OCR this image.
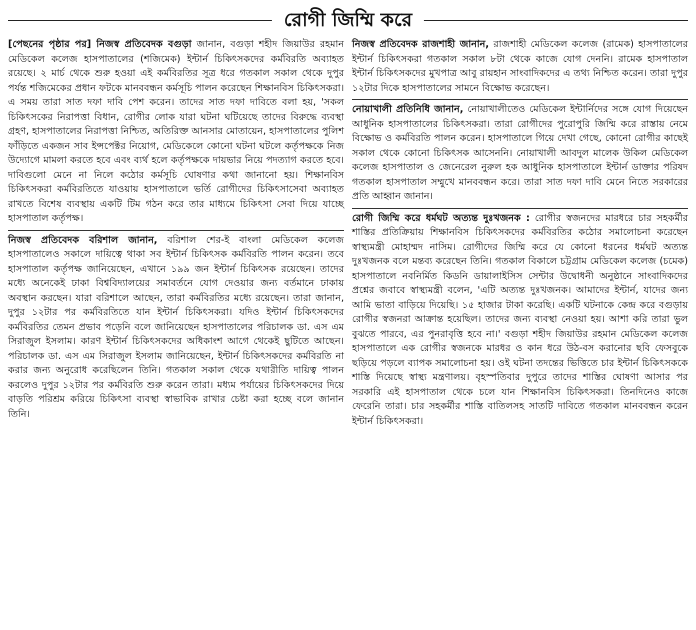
রোগী জিম্মি করে

[পেছনের পৃষ্ঠার পর] নিজস্ব প্রতিবেদক বগুড়া জানান, বগুড়া শহীদ জিয়াউর রহমান মেডিকেল কলেজ হাসপাতালের (শজিমেক) ইন্টার্ন চিকিৎসকদের কর্মবিরতি অব্যাহত রয়েছে। ২ মার্চ থেকে শুরু হওয়া এই কর্মবিরতির সূত্র ধরে গতকাল সকাল থেকে দুপুর পর্যন্ত শজিমেকের প্রধান ফটকে মানববন্ধন কর্মসূচি পালন করেছেন শিক্ষানবিস চিকিৎসকরা। এ সময় তারা সাত দফা দাবি পেশ করেন। তাদের সাত দফা দাবিতে বলা হয়, 'সকল চিকিৎসকের নিরাপত্তা বিধান, রোগীর লোক যারা ঘটনা ঘটিয়েছে তাদের বিরুদ্ধে ব্যবস্থা গ্রহণ, হাসপাতালের নিরাপত্তা নিশ্চিত, অতিরিক্ত আনসার মোতায়েন, হাসপাতালের পুলিশ ফাঁড়িতে একজন সাব ইন্সপেক্টর নিয়োগ, মেডিকেলে কোনো ঘটনা ঘটলে কর্তৃপক্ষকে নিজ উদ্যোগে মামলা করতে হবে এবং ব্যর্থ হলে কর্তৃপক্ষকে দায়ভার নিয়ে পদত্যাগ করতে হবে। দাবিগুলো মেনে না নিলে কঠোর কর্মসূচি ঘোষণার কথা জানানো হয়। শিক্ষানবিস চিকিৎসকরা কর্মবিরতিতে যাওয়ায় হাসপাতালে ভর্তি রোগীদের চিকিৎসাসেবা অব্যাহত রাখতে বিশেষ ব্যবস্থায় একটি টিম গঠন করে তার মাধ্যমে চিকিৎসা সেবা দিয়ে যাচ্ছে হাসপাতাল কর্তৃপক্ষ।

নিজস্ব প্রতিবেদক বরিশাল জানান, বরিশাল শের-ই বাংলা মেডিকেল কলেজ হাসপাতালেও সকালে দায়িত্বে থাকা সব ইন্টার্ন চিকিৎসক কর্মবিরতি পালন করেন। তবে হাসপাতাল কর্তৃপক্ষ জানিয়েছেন, এখানে ১৯৯ জন ইন্টার্ন চিকিৎসক রয়েছেন। তাদের মধ্যে অনেকেই ঢাকা বিশ্ববিদ্যালয়ের সমাবর্তনে যোগ দেওয়ার জন্য বর্তমানে ঢাকায় অবস্থান করছেন। যারা বরিশালে আছেন, তারা কর্মবিরতির মধ্যে রয়েছেন। তারা জানান, দুপুর ১২টার পর কর্মবিরতিতে যান ইন্টার্ন চিকিৎসকরা। যদিও ইন্টার্ন চিকিৎসকদের কর্মবিরতির তেমন প্রভাব পড়েনি বলে জানিয়েছেন হাসপাতালের পরিচালক ডা. এস এম সিরাজুল ইসলাম। কারণ ইন্টার্ন চিকিৎসকদের অধিকাংশ আগে থেকেই ছুটিতে আছেন। পরিচালক ডা. এস এম সিরাজুল ইসলাম জানিয়েছেন, ইন্টার্ন চিকিৎসকদের কর্মবিরতি না করার জন্য অনুরোধ করেছিলেন তিনি। গতকাল সকাল থেকে যথারীতি দায়িত্ব পালন করলেও দুপুর ১২টার পর কর্মবিরতি শুরু করেন তারা। মধ্যম পর্যায়ের চিকিৎসকদের দিয়ে বাড়তি পরিশ্রম করিয়ে চিকিৎসা ব্যবস্থা স্বাভাবিক রাখার চেষ্টা করা হচ্ছে বলে জানান তিনি।

নিজস্ব প্রতিবেদক রাজশাহী জানান, রাজশাহী মেডিকেল কলেজ (রামেক) হাসপাতালের ইন্টার্ন চিকিৎসকরা গতকাল সকাল ৮টা থেকে কাজে যোগ দেননি। রামেক হাসপাতাল ইন্টার্ন চিকিৎসকদের মুখপাত্র আবু রায়হান সাংবাদিকদের এ তথ্য নিশ্চিত করেন। তারা দুপুর ১২টার দিকে হাসপাতালের সামনে বিক্ষোভ করেছেন।

নোয়াখালী প্রতিনিধি জানান, নোয়াখালীতেও মেডিকেল ইন্টার্নিদের সঙ্গে যোগ দিয়েছেন আধুনিক হাসপাতালের চিকিৎসকরা। তারা রোগীদের পুরোপুরি জিম্মি করে রাস্তায় নেমে বিক্ষোভ ও কর্মবিরতি পালন করেন। হাসপাতালে গিয়ে দেখা গেছে, কোনো রোগীর কাছেই সকাল থেকে কোনো চিকিৎসক আসেননি। নোয়াখালী আবদুল মালেক উকিল মেডিকেল কলেজ হাসপাতাল ও জেনেরেল নুরুল হক আধুনিক হাসপাতালে ইন্টার্ন ডাক্তার পরিষদ গতকাল হাসপাতাল সম্মুখে মানববন্ধন করে। তারা সাত দফা দাবি মেনে নিতে সরকারের প্রতি আহ্বান জানান।

রোগী জিম্মি করে ধর্মঘট অত্যন্ত দুঃখজনক : রোগীর স্বজনদের মারধরে চার সহকর্মীর শাস্তির প্রতিক্রিয়ায় শিক্ষানবিস চিকিৎসকদের কর্মবিরতির কঠোর সমালোচনা করেছেন স্বাস্থ্যমন্ত্রী মোহাম্মদ নাসিম। রোগীদের জিম্মি করে যে কোনো ধরনের ধর্মঘট অত্যন্ত দুঃখজনক বলে মন্তব্য করেছেন তিনি। গতকাল বিকালে চট্টগ্রাম মেডিকেল কলেজ (চমেক) হাসপাতালে নবনির্মিত কিডনি ডায়ালাইসিস সেন্টার উদ্বোধনী অনুষ্ঠানে সাংবাদিকদের প্রশ্নের জবাবে স্বাস্থ্যমন্ত্রী বলেন, 'এটি অত্যন্ত দুঃখজনক। আমাদের ইন্টার্ন, যাদের জন্য আমি ভাতা বাড়িয়ে দিয়েছি। ১৫ হাজার টাকা করেছি। একটি ঘটনাকে কেন্দ্র করে বগুড়ায় রোগীর স্বজনরা আক্রান্ত হয়েছিল। তাদের জন্য ব্যবস্থা নেওয়া হয়। আশা করি তারা ভুল বুঝতে পারবে, এর পুনরাবৃত্তি হবে না।' বগুড়া শহীদ জিয়াউর রহমান মেডিকেল কলেজ হাসপাতালে এক রোগীর স্বজনকে মারধর ও কান ধরে উঠ-বস করানোর ছবি ফেসবুকে ছড়িয়ে পড়লে ব্যাপক সমালোচনা হয়। ওই ঘটনা তদন্তের ভিত্তিতে চার ইন্টার্ন চিকিৎসককে শাস্তি দিয়েছে স্বাস্থ্য মন্ত্রণালয়। বৃহস্পতিবার দুপুরে তাদের শাস্তির ঘোষণা আসার পর সরকারি এই হাসপাতাল থেকে চলে যান শিক্ষানবিস চিকিৎসকরা। তিনদিনেও কাজে ফেরেনি তারা। চার সহকর্মীর শাস্তি বাতিলসহ সাতটি দাবিতে গতকাল মানববন্ধন করেন ইন্টার্ন চিকিৎসকরা।
